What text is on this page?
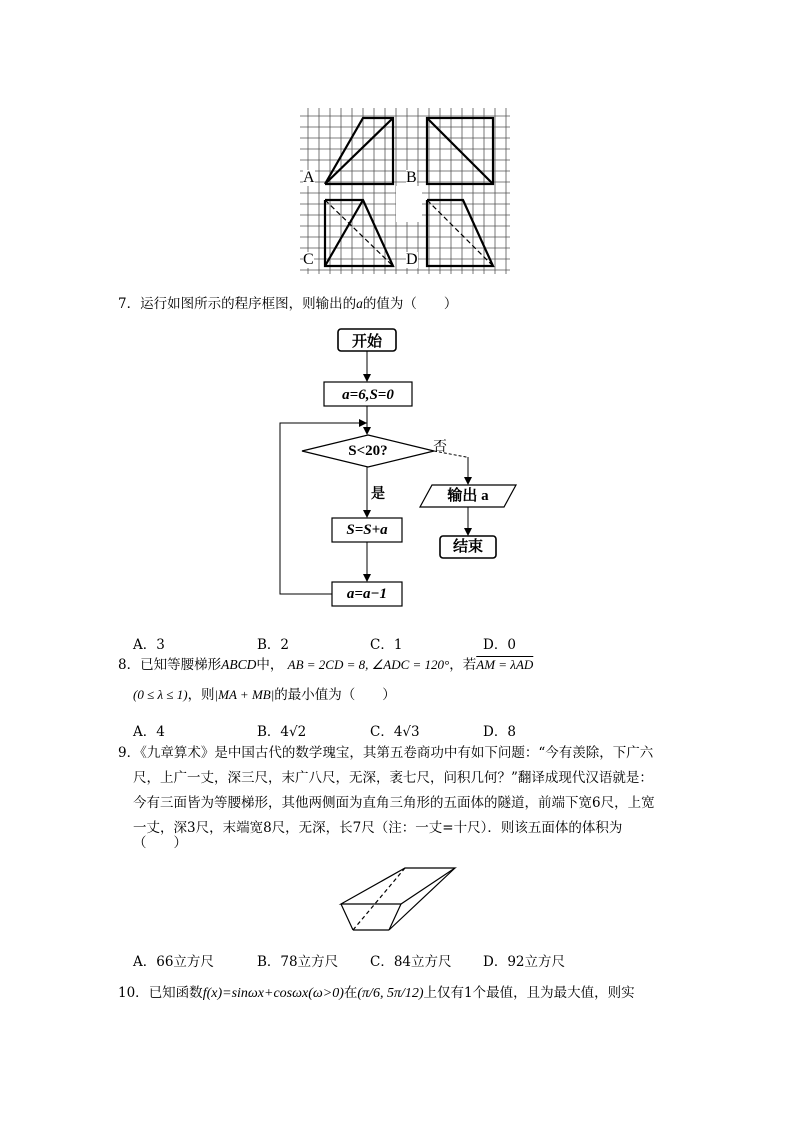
A	B
C	D
7．运行如图所示的程序框图，则输出的a的值为（　　）
开始
a=6,S=0
S<20?	否
是	输出 a
S=S+a
结束
a=a−1
A．3	B．2	C．1	D．0
8．已知等腰梯形ABCD中， AB = 2CD = 8, ∠ADC = 120°，若AM = λAD
(0 ≤ λ ≤ 1)，则|MA + MB|的最小值为（　　）
A．4	B．4√2	C．4√3	D．8
9．《九章算术》是中国古代的数学瑰宝，其第五卷商功中有如下问题：“今有羡除，下广六
尺，上广一丈，深三尺，末广八尺，无深，袤七尺，问积几何？”翻译成现代汉语就是：
今有三面皆为等腰梯形，其他两侧面为直角三角形的五面体的隧道，前端下宽6尺，上宽
一丈，深3尺，末端宽8尺，无深，长7尺（注：一丈=十尺）．则该五面体的体积为
（　　）
A．66立方尺	B．78立方尺 C．84立方尺 D．92立方尺
10．已知函数f(x)=sinωx+cosωx(ω>0)在(π/6, 5π/12)上仅有1个最值，且为最大值，则实
